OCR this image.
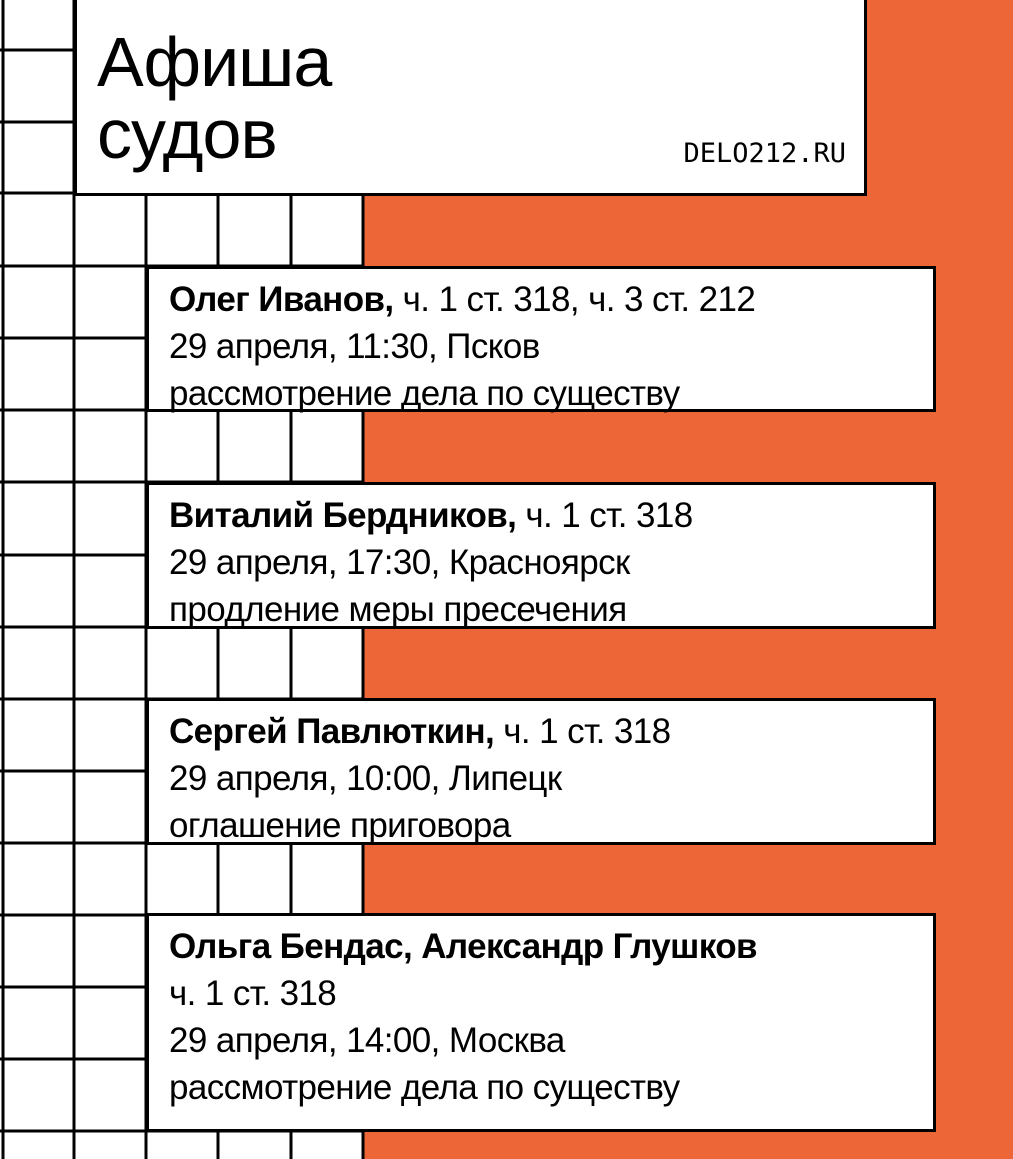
Афиша
судов	DELO212.RU
Олег Иванов, ч. 1 ст. 318, ч. 3 ст. 212
29 апреля, 11:30, Псков
рассмотрение дела по существу
Виталий Бердников, ч. 1 ст. 318
29 апреля, 17:30, Красноярск
продление меры пресечения
Сергей Павлюткин, ч. 1 ст. 318
29 апреля, 10:00, Липецк
оглашение приговора
Ольга Бендас, Александр Глушков
ч. 1 ст. 318
29 апреля, 14:00, Москва
рассмотрение дела по существу
